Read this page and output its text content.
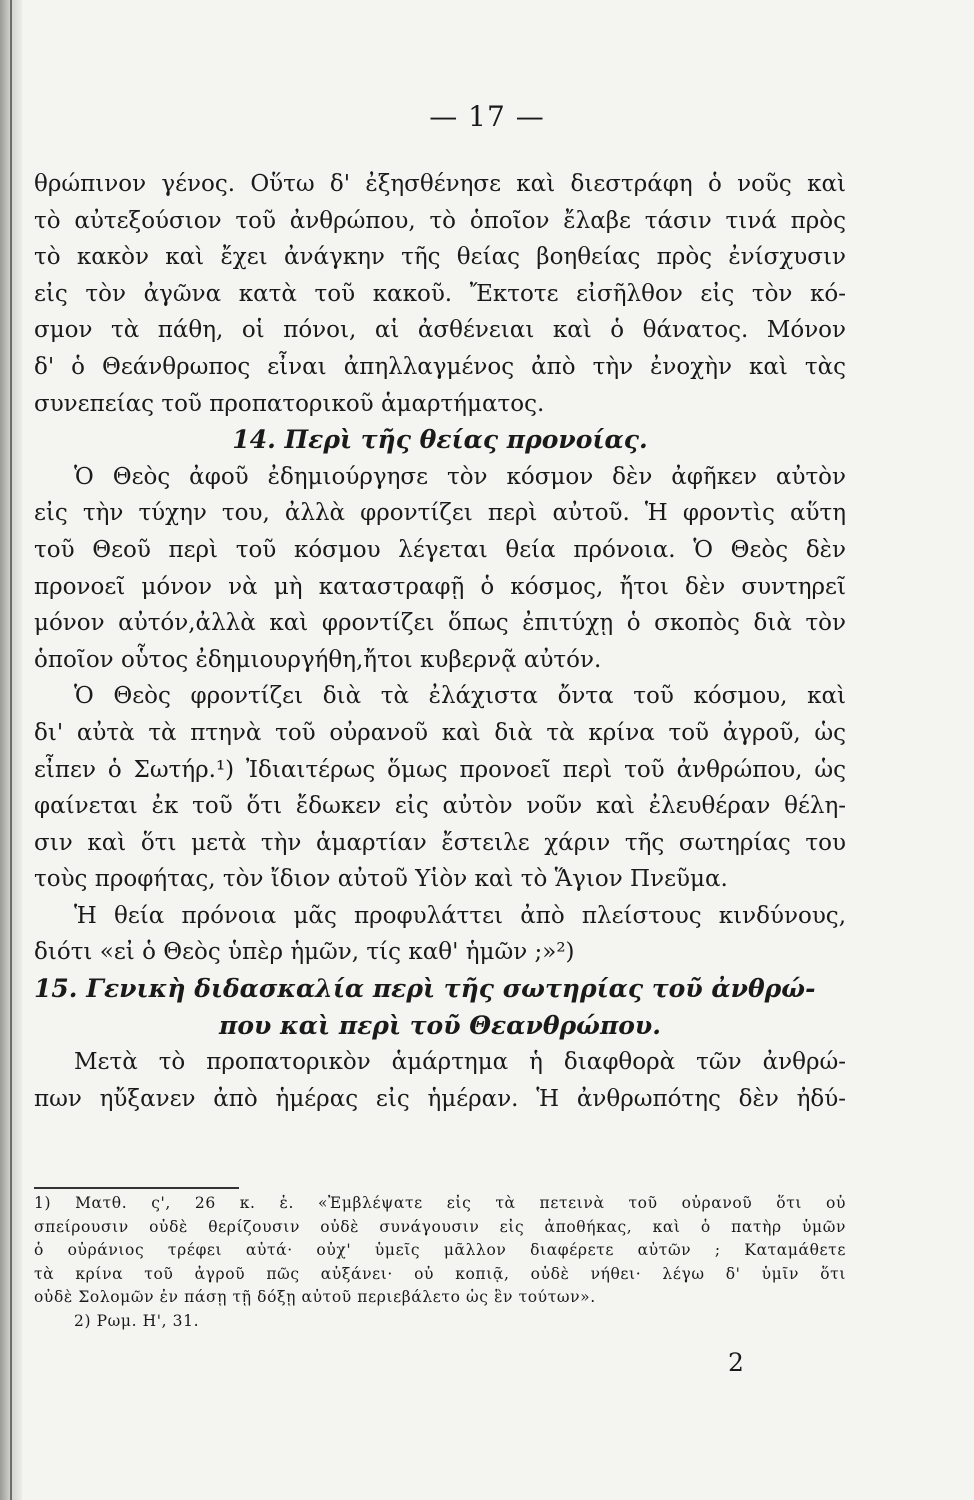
— 17 —
θρώπινον γένος. Οὕτω δ' ἐξησθένησε καὶ διεστράφη ὁ νοῦς καὶ
τὸ αὐτεξούσιον τοῦ ἀνθρώπου, τὸ ὁποῖον ἔλαβε τάσιν τινά πρὸς
τὸ κακὸν καὶ ἔχει ἀνάγκην τῆς θείας βοηθείας πρὸς ἐνίσχυσιν
εἰς τὸν ἀγῶνα κατὰ τοῦ κακοῦ. Ἔκτοτε εἰσῆλθον εἰς τὸν κό-
σμον τὰ πάθη, οἱ πόνοι, αἱ ἀσθένειαι καὶ ὁ θάνατος. Μόνον
δ' ὁ Θεάνθρωπος εἶναι ἀπηλλαγμένος ἀπὸ τὴν ἐνοχὴν καὶ τὰς
συνεπείας τοῦ προπατορικοῦ ἁμαρτήματος.
14. Περὶ τῆς θείας προνοίας.
Ὁ Θεὸς ἀφοῦ ἐδημιούργησε τὸν κόσμον δὲν ἀφῆκεν αὐτὸν
εἰς τὴν τύχην του, ἀλλὰ φροντίζει περὶ αὐτοῦ. Ἡ φροντὶς αὕτη
τοῦ Θεοῦ περὶ τοῦ κόσμου λέγεται θεία πρόνοια. Ὁ Θεὸς δὲν
προνοεῖ μόνον νὰ μὴ καταστραφῇ ὁ κόσμος, ἤτοι δὲν συντηρεῖ
μόνον αὐτόν,ἀλλὰ καὶ φροντίζει ὅπως ἐπιτύχῃ ὁ σκοπὸς διὰ τὸν
ὁποῖον οὗτος ἐδημιουργήθη,ἤτοι κυβερνᾷ αὐτόν.
Ὁ Θεὸς φροντίζει διὰ τὰ ἐλάχιστα ὄντα τοῦ κόσμου, καὶ
δι' αὐτὰ τὰ πτηνὰ τοῦ οὐρανοῦ καὶ διὰ τὰ κρίνα τοῦ ἀγροῦ, ὡς
εἶπεν ὁ Σωτήρ.¹) Ἰδιαιτέρως ὅμως προνοεῖ περὶ τοῦ ἀνθρώπου, ὡς
φαίνεται ἐκ τοῦ ὅτι ἔδωκεν εἰς αὐτὸν νοῦν καὶ ἐλευθέραν θέλη-
σιν καὶ ὅτι μετὰ τὴν ἁμαρτίαν ἔστειλε χάριν τῆς σωτηρίας του
τοὺς προφήτας, τὸν ἴδιον αὐτοῦ Υἱὸν καὶ τὸ Ἅγιον Πνεῦμα.
Ἡ θεία πρόνοια μᾶς προφυλάττει ἀπὸ πλείστους κινδύνους,
διότι «εἰ ὁ Θεὸς ὑπὲρ ἡμῶν, τίς καθ' ἡμῶν ;»²)
15. Γενικὴ διδασκαλία περὶ τῆς σωτηρίας τοῦ ἀνθρώ-
που καὶ περὶ τοῦ Θεανθρώπου.
Μετὰ τὸ προπατορικὸν ἁμάρτημα ἡ διαφθορὰ τῶν ἀνθρώ-
πων ηὔξανεν ἀπὸ ἡμέρας εἰς ἡμέραν. Ἡ ἀνθρωπότης δὲν ἠδύ-
1) Ματθ. ς', 26 κ. ἑ. «Ἐμβλέψατε εἰς τὰ πετεινὰ τοῦ οὐρανοῦ ὅτι οὐ
σπείρουσιν οὐδὲ θερίζουσιν οὐδὲ συνάγουσιν εἰς ἀποθήκας, καὶ ὁ πατὴρ ὑμῶν
ὁ οὐράνιος τρέφει αὐτά· οὐχ' ὑμεῖς μᾶλλον διαφέρετε αὐτῶν ; Καταμάθετε
τὰ κρίνα τοῦ ἀγροῦ πῶς αὐξάνει· οὐ κοπιᾷ, οὐδὲ νήθει· λέγω δ' ὑμῖν ὅτι
οὐδὲ Σολομῶν ἐν πάσῃ τῇ δόξῃ αὐτοῦ περιεβάλετο ὡς ἓν τούτων».
2) Ρωμ. Η', 31.
2
